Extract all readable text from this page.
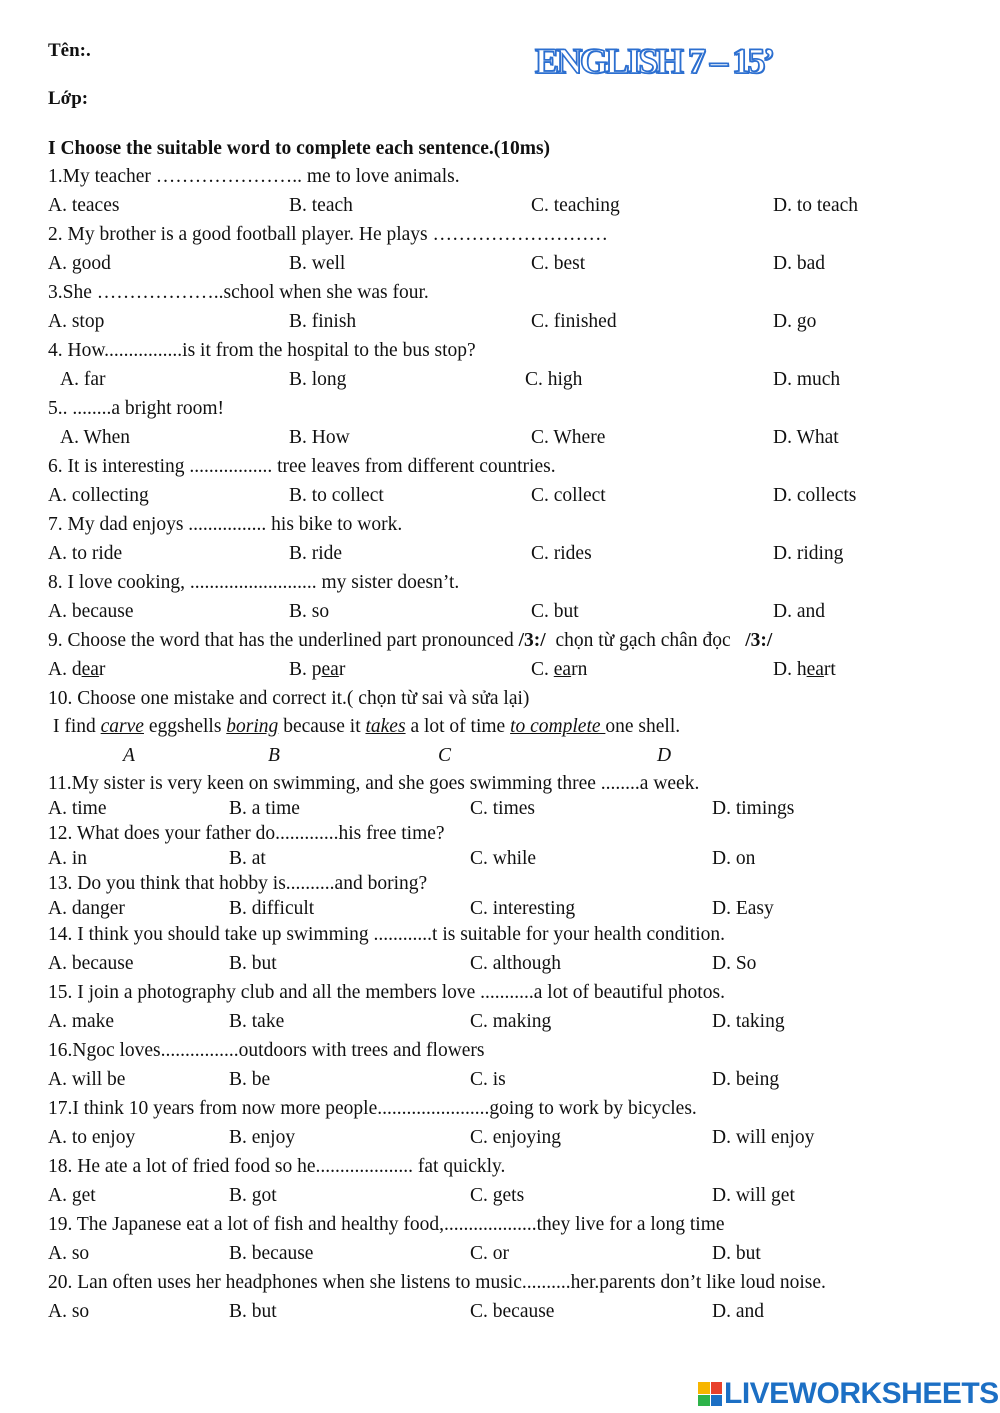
Tên:.
Lớp:
ENGLISH 7 – 15’
I Choose the suitable word to complete each sentence.(10ms)
1.My teacher ………………….. me to love animals.
A. teaces	B. teach	C. teaching	D. to teach
2. My brother is a good football player. He plays ………………………
A. good	B. well	C. best	D. bad
3.She ………………..school when she was four.
A. stop	B. finish	C. finished	D. go
4. How................is it from the hospital to the bus stop?
A. far	B. long	C. high	D. much
5.. ........a bright room!
A. When	B. How	C. Where	D. What
6. It is interesting ................. tree leaves from different countries.
A. collecting	B. to collect	C. collect	D. collects
7. My dad enjoys ................ his bike to work.
A. to ride	B. ride	C. rides	D. riding
8. I love cooking, .......................... my sister doesn’t.
A. because	B. so	C. but	D. and
9. Choose the word that has the underlined part pronounced /3:/ chọn từ gạch chân đọc /3:/
A. dear	B. pear	C. earn	D. heart
10. Choose one mistake and correct it.( chọn từ sai và sửa lại)
I find carve eggshells boring because it takes a lot of time to complete one shell.
A	B	C	D
11.My sister is very keen on swimming, and she goes swimming three ........a week.
A. time	B. a time	C. times	D. timings
12. What does your father do.............his free time?
A. in	B. at	C. while	D. on
13. Do you think that hobby is..........and boring?
A. danger	B. difficult	C. interesting	D. Easy
14. I think you should take up swimming ............t is suitable for your health condition.
A. because	B. but	C. although	D. So
15. I join a photography club and all the members love ...........a lot of beautiful photos.
A. make	B. take	C. making	D. taking
16.Ngoc loves................outdoors with trees and flowers
A. will be	B. be	C. is	D. being
17.I think 10 years from now more people.......................going to work by bicycles.
A. to enjoy	B. enjoy	C. enjoying	D. will enjoy
18. He ate a lot of fried food so he.................... fat quickly.
A. get	B. got	C. gets	D. will get
19. The Japanese eat a lot of fish and healthy food,...................they live for a long time
A. so	B. because	C. or	D. but
20. Lan often uses her headphones when she listens to music..........her.parents don’t like loud noise.
A. so	B. but	C. because	D. and
LIVEWORKSHEETS
